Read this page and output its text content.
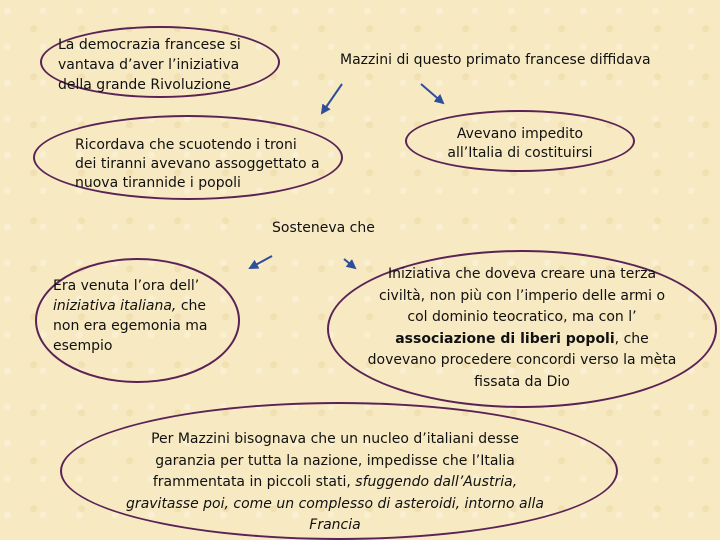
La democrazia francese si vantava d’aver l’iniziativa della grande Rivoluzione

Mazzini di questo primato francese diffidava

Ricordava che scuotendo i troni dei tiranni avevano assoggettato a nuova tirannide i popoli

Avevano impedito all’Italia di costituirsi

Sosteneva che

Era venuta l’ora dell’ iniziativa italiana, che non era egemonia ma esempio

Iniziativa che doveva creare una terza civiltà, non più con l’imperio delle armi o col dominio teocratico, ma con l’ associazione di liberi popoli, che dovevano procedere concordi verso la mèta fissata da Dio

Per Mazzini bisognava che un nucleo d’italiani desse garanzia per tutta la nazione, impedisse che l’Italia frammentata in piccoli stati, sfuggendo dall’Austria, gravitasse poi, come un complesso di asteroidi, intorno alla Francia
